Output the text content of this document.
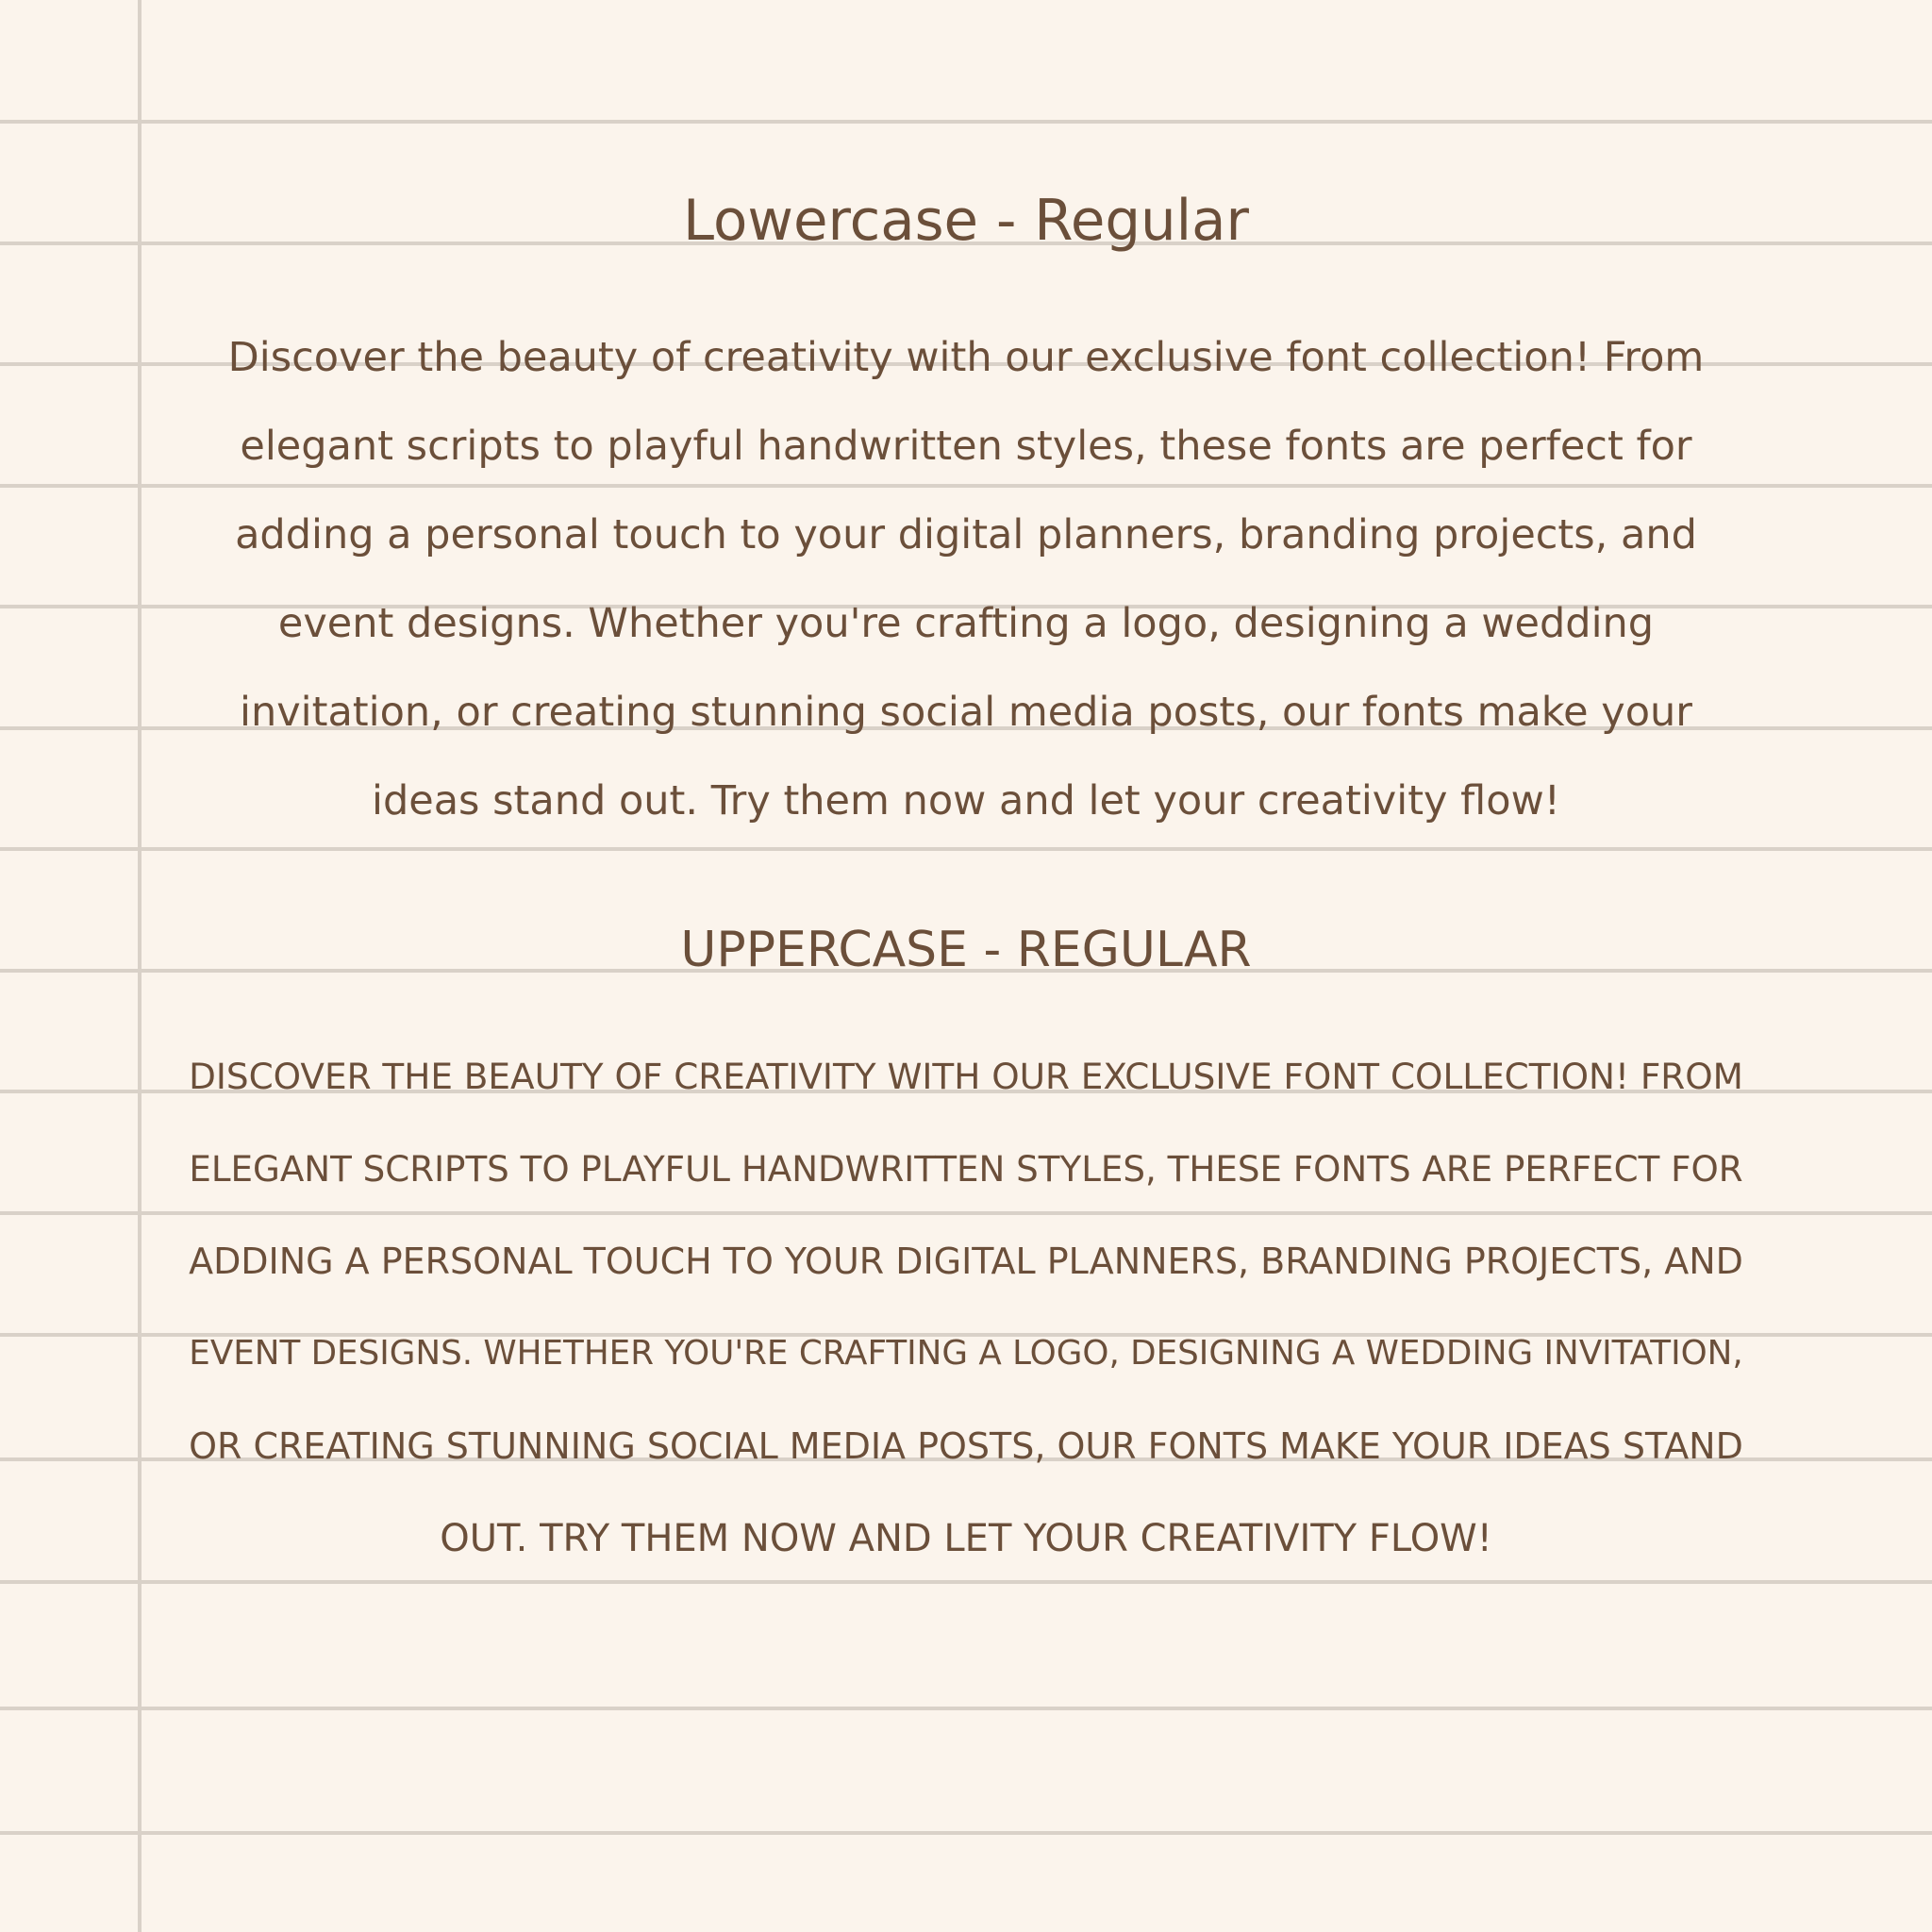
Lowercase - Regular

Discover the beauty of creativity with our exclusive font collection! From
elegant scripts to playful handwritten styles, these fonts are perfect for
adding a personal touch to your digital planners, branding projects, and
event designs. Whether you're crafting a logo, designing a wedding
invitation, or creating stunning social media posts, our fonts make your
ideas stand out. Try them now and let your creativity flow!

UPPERCASE - REGULAR

DISCOVER THE BEAUTY OF CREATIVITY WITH OUR EXCLUSIVE FONT COLLECTION! FROM
ELEGANT SCRIPTS TO PLAYFUL HANDWRITTEN STYLES, THESE FONTS ARE PERFECT FOR
ADDING A PERSONAL TOUCH TO YOUR DIGITAL PLANNERS, BRANDING PROJECTS, AND
EVENT DESIGNS. WHETHER YOU'RE CRAFTING A LOGO, DESIGNING A WEDDING INVITATION,
OR CREATING STUNNING SOCIAL MEDIA POSTS, OUR FONTS MAKE YOUR IDEAS STAND
OUT. TRY THEM NOW AND LET YOUR CREATIVITY FLOW!
